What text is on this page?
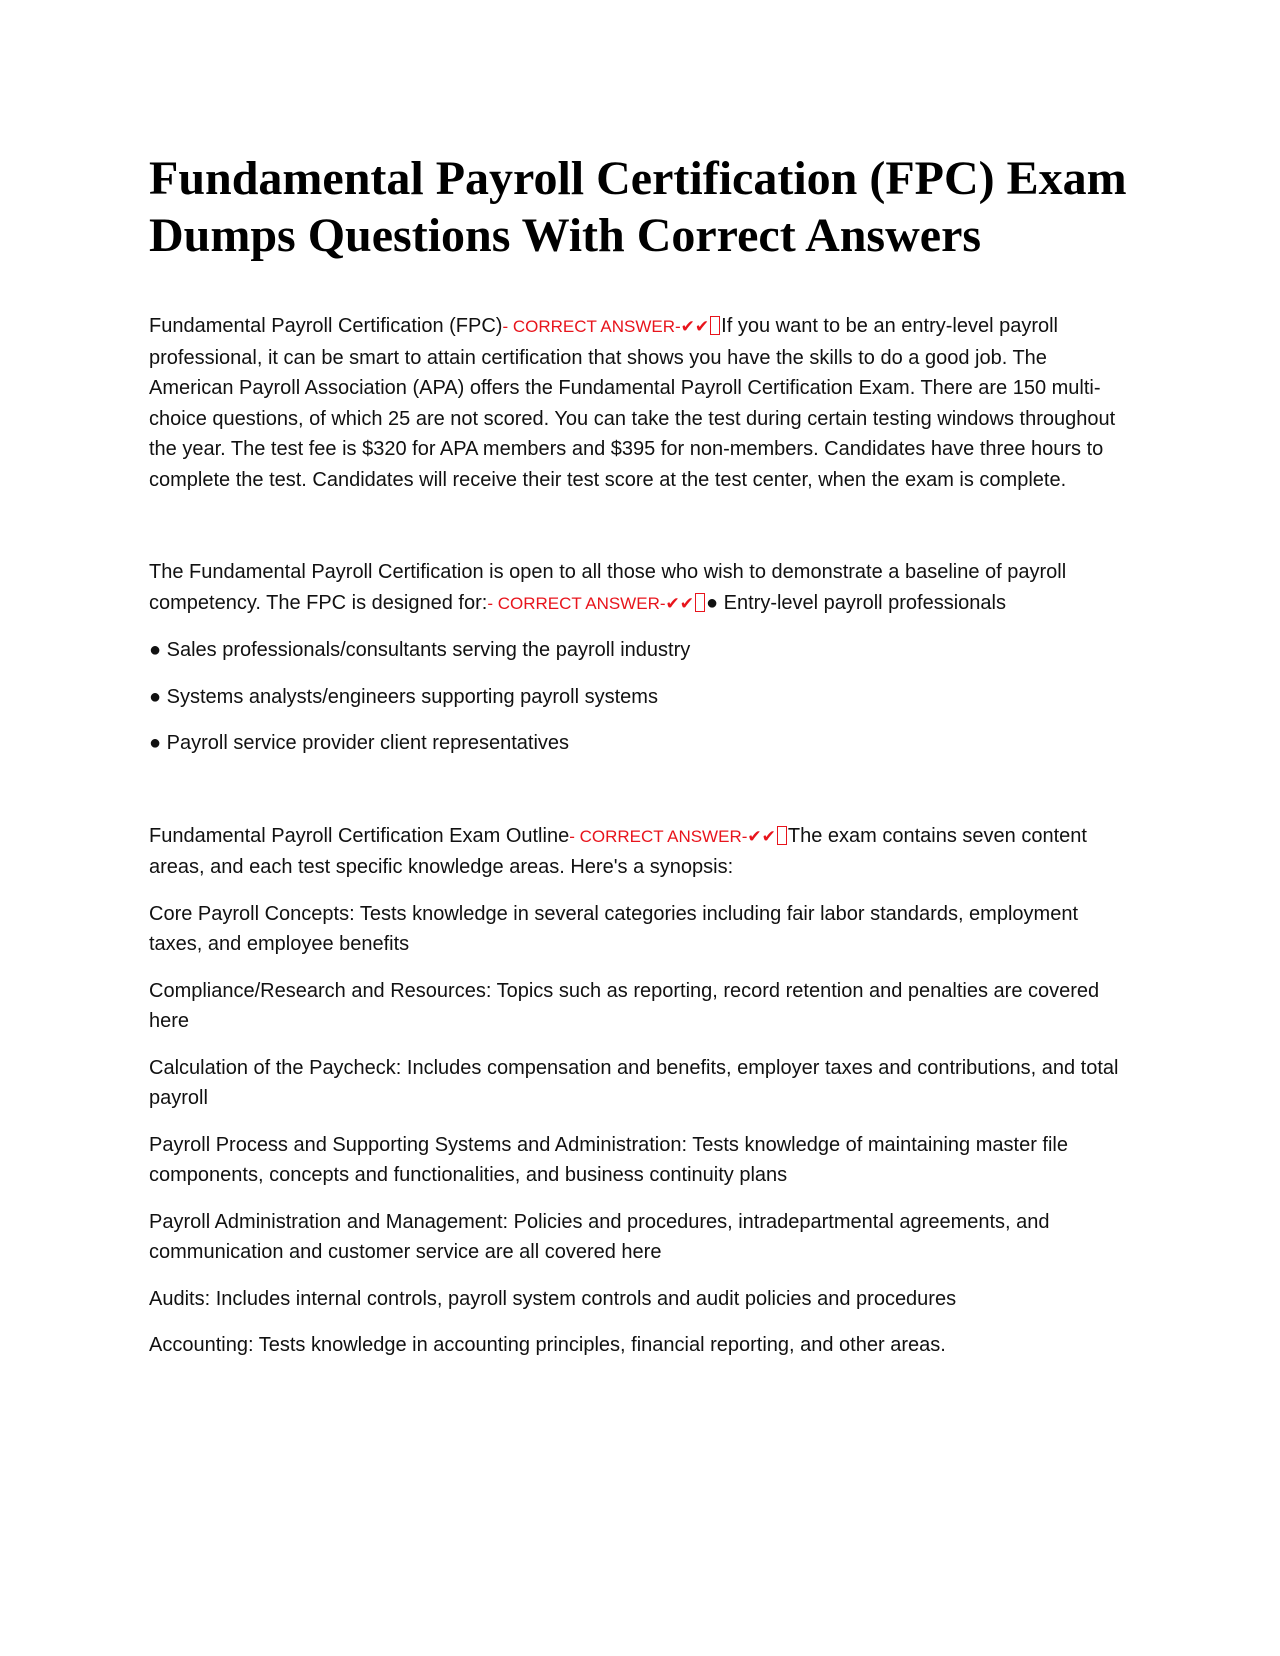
Fundamental Payroll Certification (FPC) Exam Dumps Questions With Correct Answers

Fundamental Payroll Certification (FPC)- CORRECT ANSWER-✔✔ If you want to be an entry-level payroll professional, it can be smart to attain certification that shows you have the skills to do a good job. The American Payroll Association (APA) offers the Fundamental Payroll Certification Exam. There are 150 multi-choice questions, of which 25 are not scored. You can take the test during certain testing windows throughout the year. The test fee is $320 for APA members and $395 for non-members. Candidates have three hours to complete the test. Candidates will receive their test score at the test center, when the exam is complete.

The Fundamental Payroll Certification is open to all those who wish to demonstrate a baseline of payroll competency. The FPC is designed for:- CORRECT ANSWER-✔✔ ● Entry-level payroll professionals

● Sales professionals/consultants serving the payroll industry

● Systems analysts/engineers supporting payroll systems

● Payroll service provider client representatives

Fundamental Payroll Certification Exam Outline- CORRECT ANSWER-✔✔ The exam contains seven content areas, and each test specific knowledge areas. Here's a synopsis:

Core Payroll Concepts: Tests knowledge in several categories including fair labor standards, employment taxes, and employee benefits

Compliance/Research and Resources: Topics such as reporting, record retention and penalties are covered here

Calculation of the Paycheck: Includes compensation and benefits, employer taxes and contributions, and total payroll

Payroll Process and Supporting Systems and Administration: Tests knowledge of maintaining master file components, concepts and functionalities, and business continuity plans

Payroll Administration and Management: Policies and procedures, intradepartmental agreements, and communication and customer service are all covered here

Audits: Includes internal controls, payroll system controls and audit policies and procedures

Accounting: Tests knowledge in accounting principles, financial reporting, and other areas.
